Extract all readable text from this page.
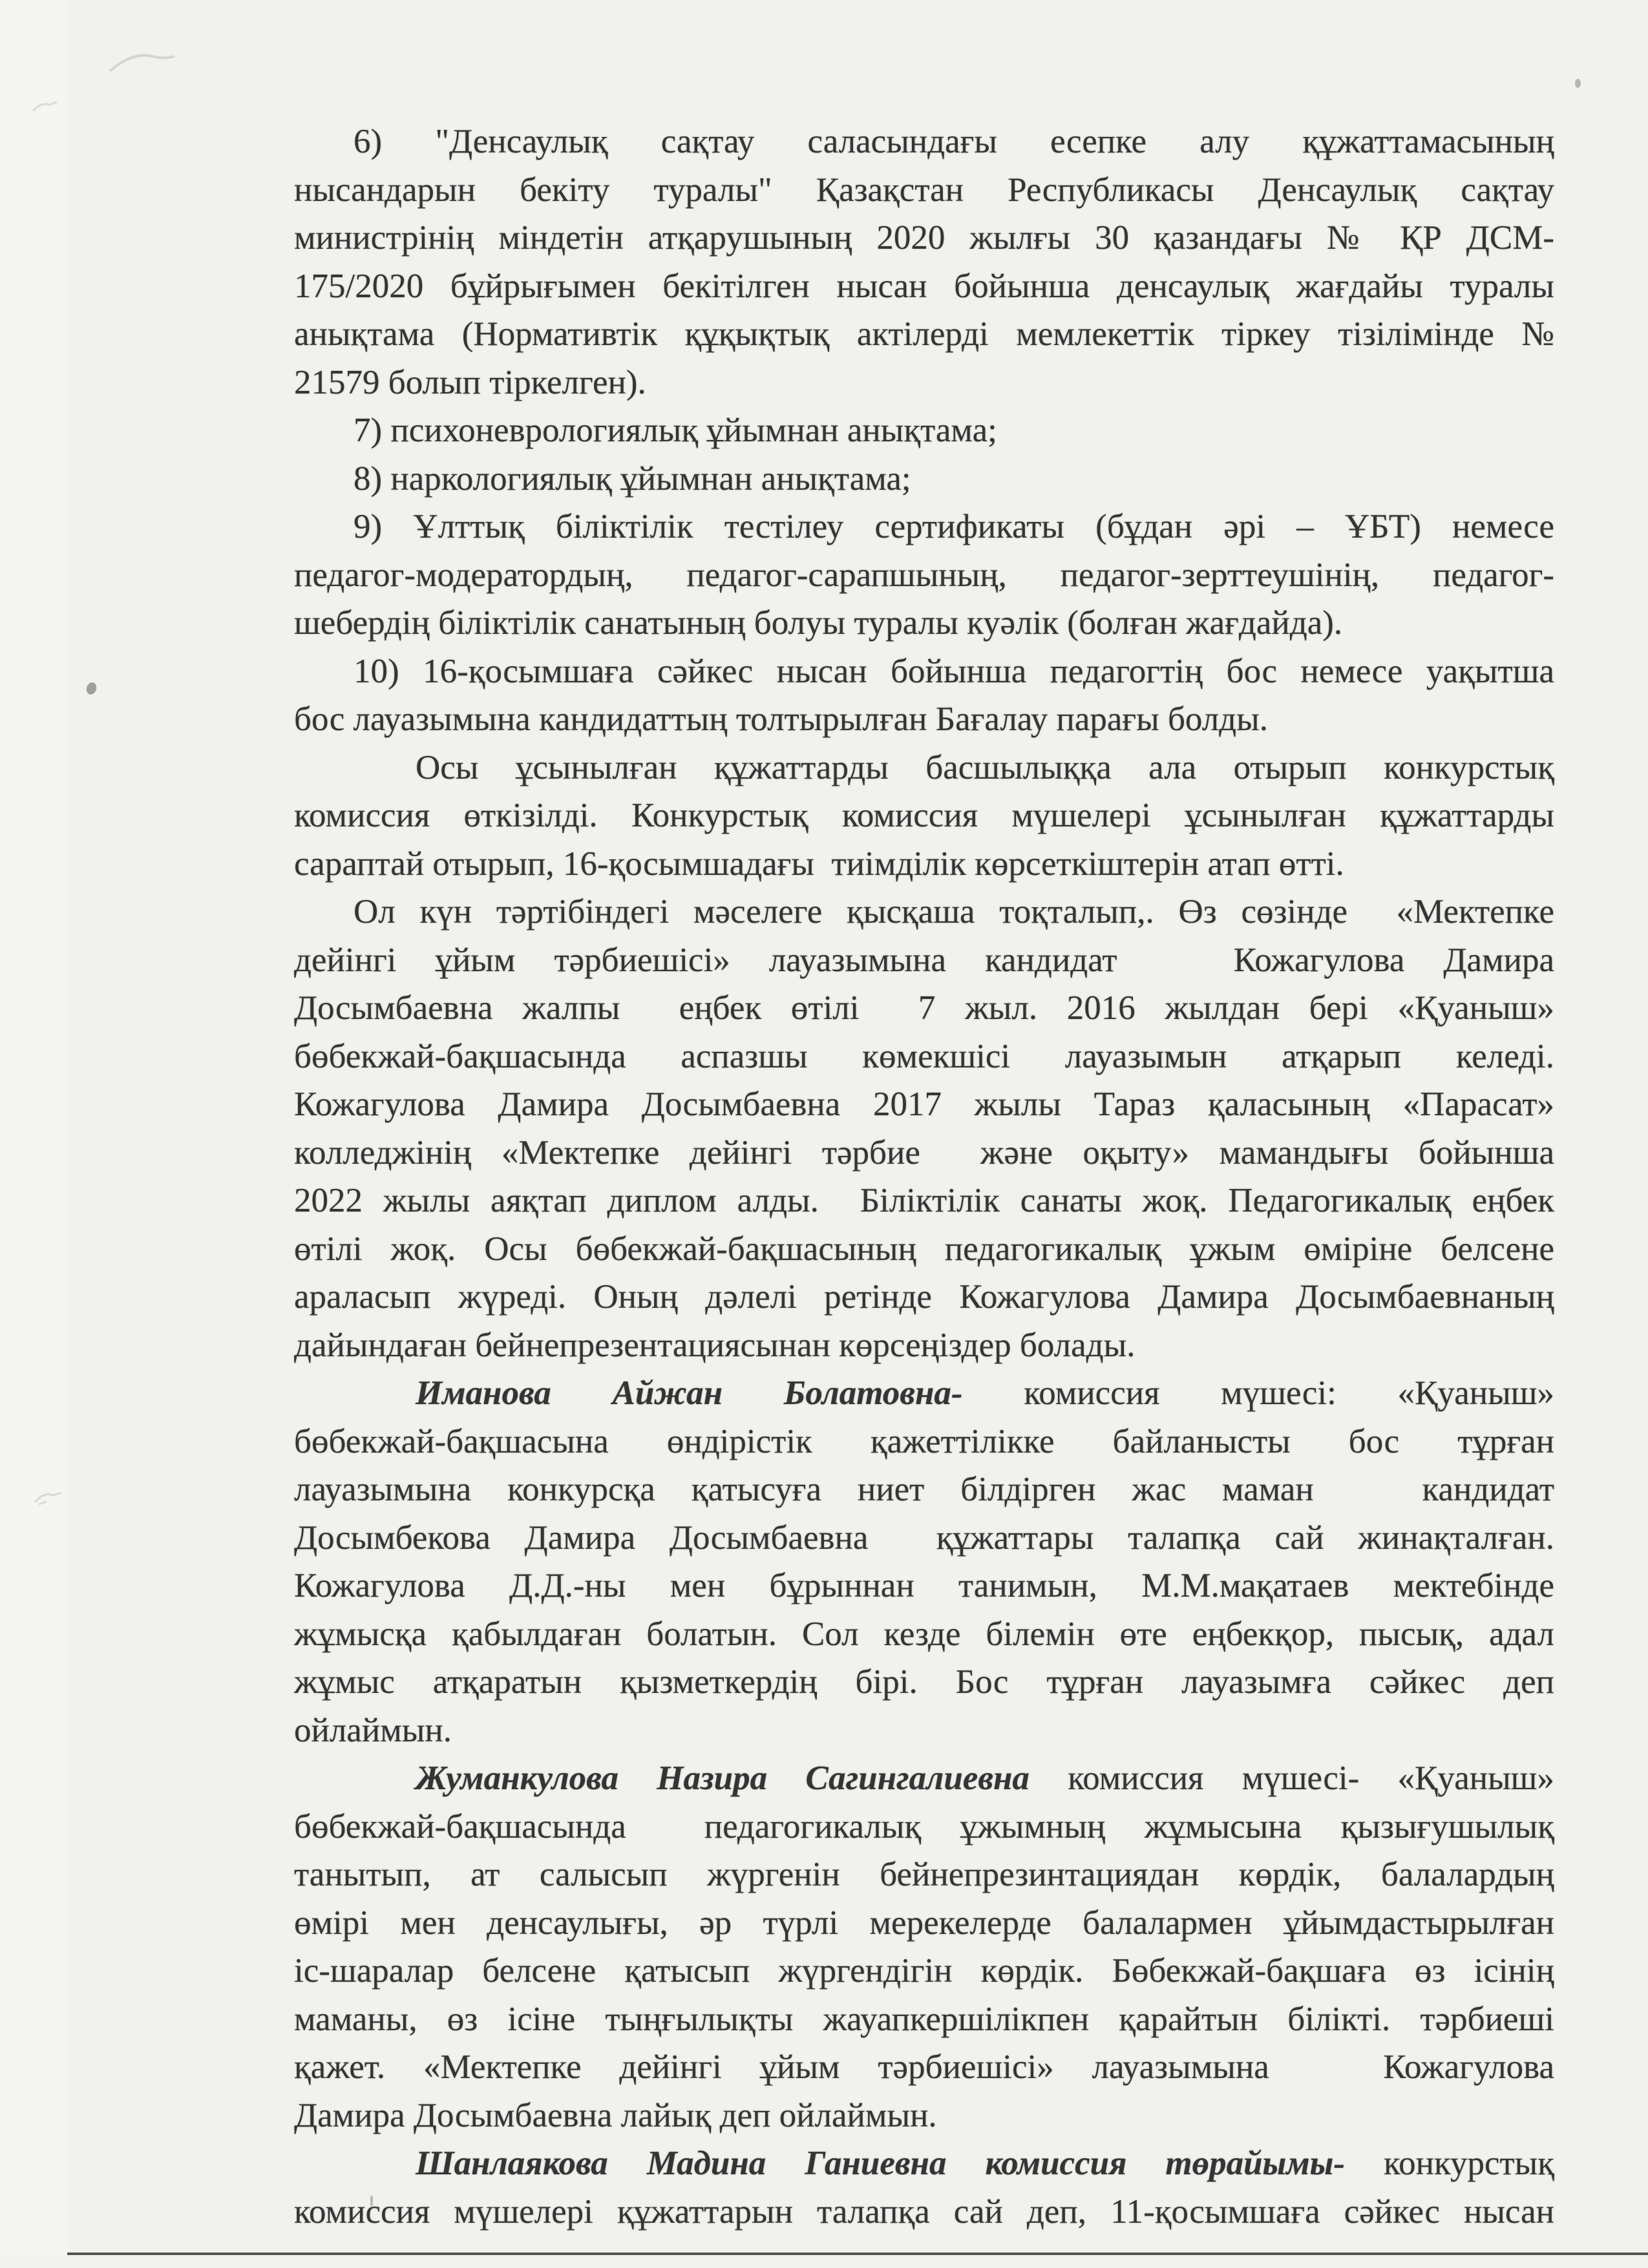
6) "Денсаулық сақтау саласындағы есепке алу құжаттамасының
нысандарын бекіту туралы" Қазақстан Республикасы Денсаулық сақтау
министрінің міндетін атқарушының 2020 жылғы 30 қазандағы № ҚР ДСМ-
175/2020 бұйрығымен бекітілген нысан бойынша денсаулық жағдайы туралы
анықтама (Нормативтік құқықтық актілерді мемлекеттік тіркеу тізілімінде №
21579 болып тіркелген).
7) психоневрологиялық ұйымнан анықтама;
8) наркологиялық ұйымнан анықтама;
9) Ұлттық біліктілік тестілеу сертификаты (бұдан әрі – ҰБТ) немесе
педагог-модератордың, педагог-сарапшының, педагог-зерттеушінің, педагог-
шебердің біліктілік санатының болуы туралы куәлік (болған жағдайда).
10) 16-қосымшаға сәйкес нысан бойынша педагогтің бос немесе уақытша
бос лауазымына кандидаттың толтырылған Бағалау парағы болды.
Осы ұсынылған құжаттарды басшылыққа ала отырып конкурстық
комиссия өткізілді. Конкурстық комиссия мүшелері ұсынылған құжаттарды
сараптай отырып, 16-қосымшадағы  тиімділік көрсеткіштерін атап өтті.
Ол күн тәртібіндегі мәселеге қысқаша тоқталып,. Өз сөзінде  «Мектепке
дейінгі ұйым тәрбиешісі» лауазымына кандидат   Кожагулова Дамира
Досымбаевна жалпы  еңбек өтілі  7 жыл. 2016 жылдан бері «Қуаныш»
бөбекжай-бақшасында аспазшы көмекшісі лауазымын атқарып келеді.
Кожагулова Дамира Досымбаевна 2017 жылы Тараз қаласының «Парасат»
колледжінің «Мектепке дейінгі тәрбие  және оқыту» мамандығы бойынша
2022 жылы аяқтап диплом алды.  Біліктілік санаты жоқ. Педагогикалық еңбек
өтілі жоқ. Осы бөбекжай-бақшасының педагогикалық ұжым өміріне белсене
араласып жүреді. Оның дәлелі ретінде Кожагулова Дамира Досымбаевнаның
дайындаған бейнепрезентациясынан көрсеңіздер болады.
Иманова Айжан Болатовна- комиссия мүшесі: «Қуаныш»
бөбекжай-бақшасына өндірістік қажеттілікке байланысты бос тұрған
лауазымына конкурсқа қатысуға ниет білдірген жас маман   кандидат
Досымбекова Дамира Досымбаевна  құжаттары талапқа сай жинақталған.
Кожагулова Д.Д.-ны мен бұрыннан танимын, М.М.мақатаев мектебінде
жұмысқа қабылдаған болатын. Сол кезде білемін өте еңбекқор, пысық, адал
жұмыс атқаратын қызметкердің бірі. Бос тұрған лауазымға сәйкес деп
ойлаймын.
Жуманкулова Назира Сагингалиевна комиссия мүшесі- «Қуаныш»
бөбекжай-бақшасында  педагогикалық ұжымның жұмысына қызығушылық
танытып, ат салысып жүргенін бейнепрезинтациядан көрдік, балалардың
өмірі мен денсаулығы, әр түрлі мерекелерде балалармен ұйымдастырылған
іс-шаралар белсене қатысып жүргендігін көрдік. Бөбекжай-бақшаға өз ісінің
маманы, өз ісіне тыңғылықты жауапкершілікпен қарайтын білікті. тәрбиеші
қажет. «Мектепке дейінгі ұйым тәрбиешісі» лауазымына   Кожагулова
Дамира Досымбаевна лайық деп ойлаймын.
Шанлаякова Мадина Ганиевна комиссия төрайымы- конкурстық
комиссия мүшелері құжаттарын талапқа сай деп, 11-қосымшаға сәйкес нысан
